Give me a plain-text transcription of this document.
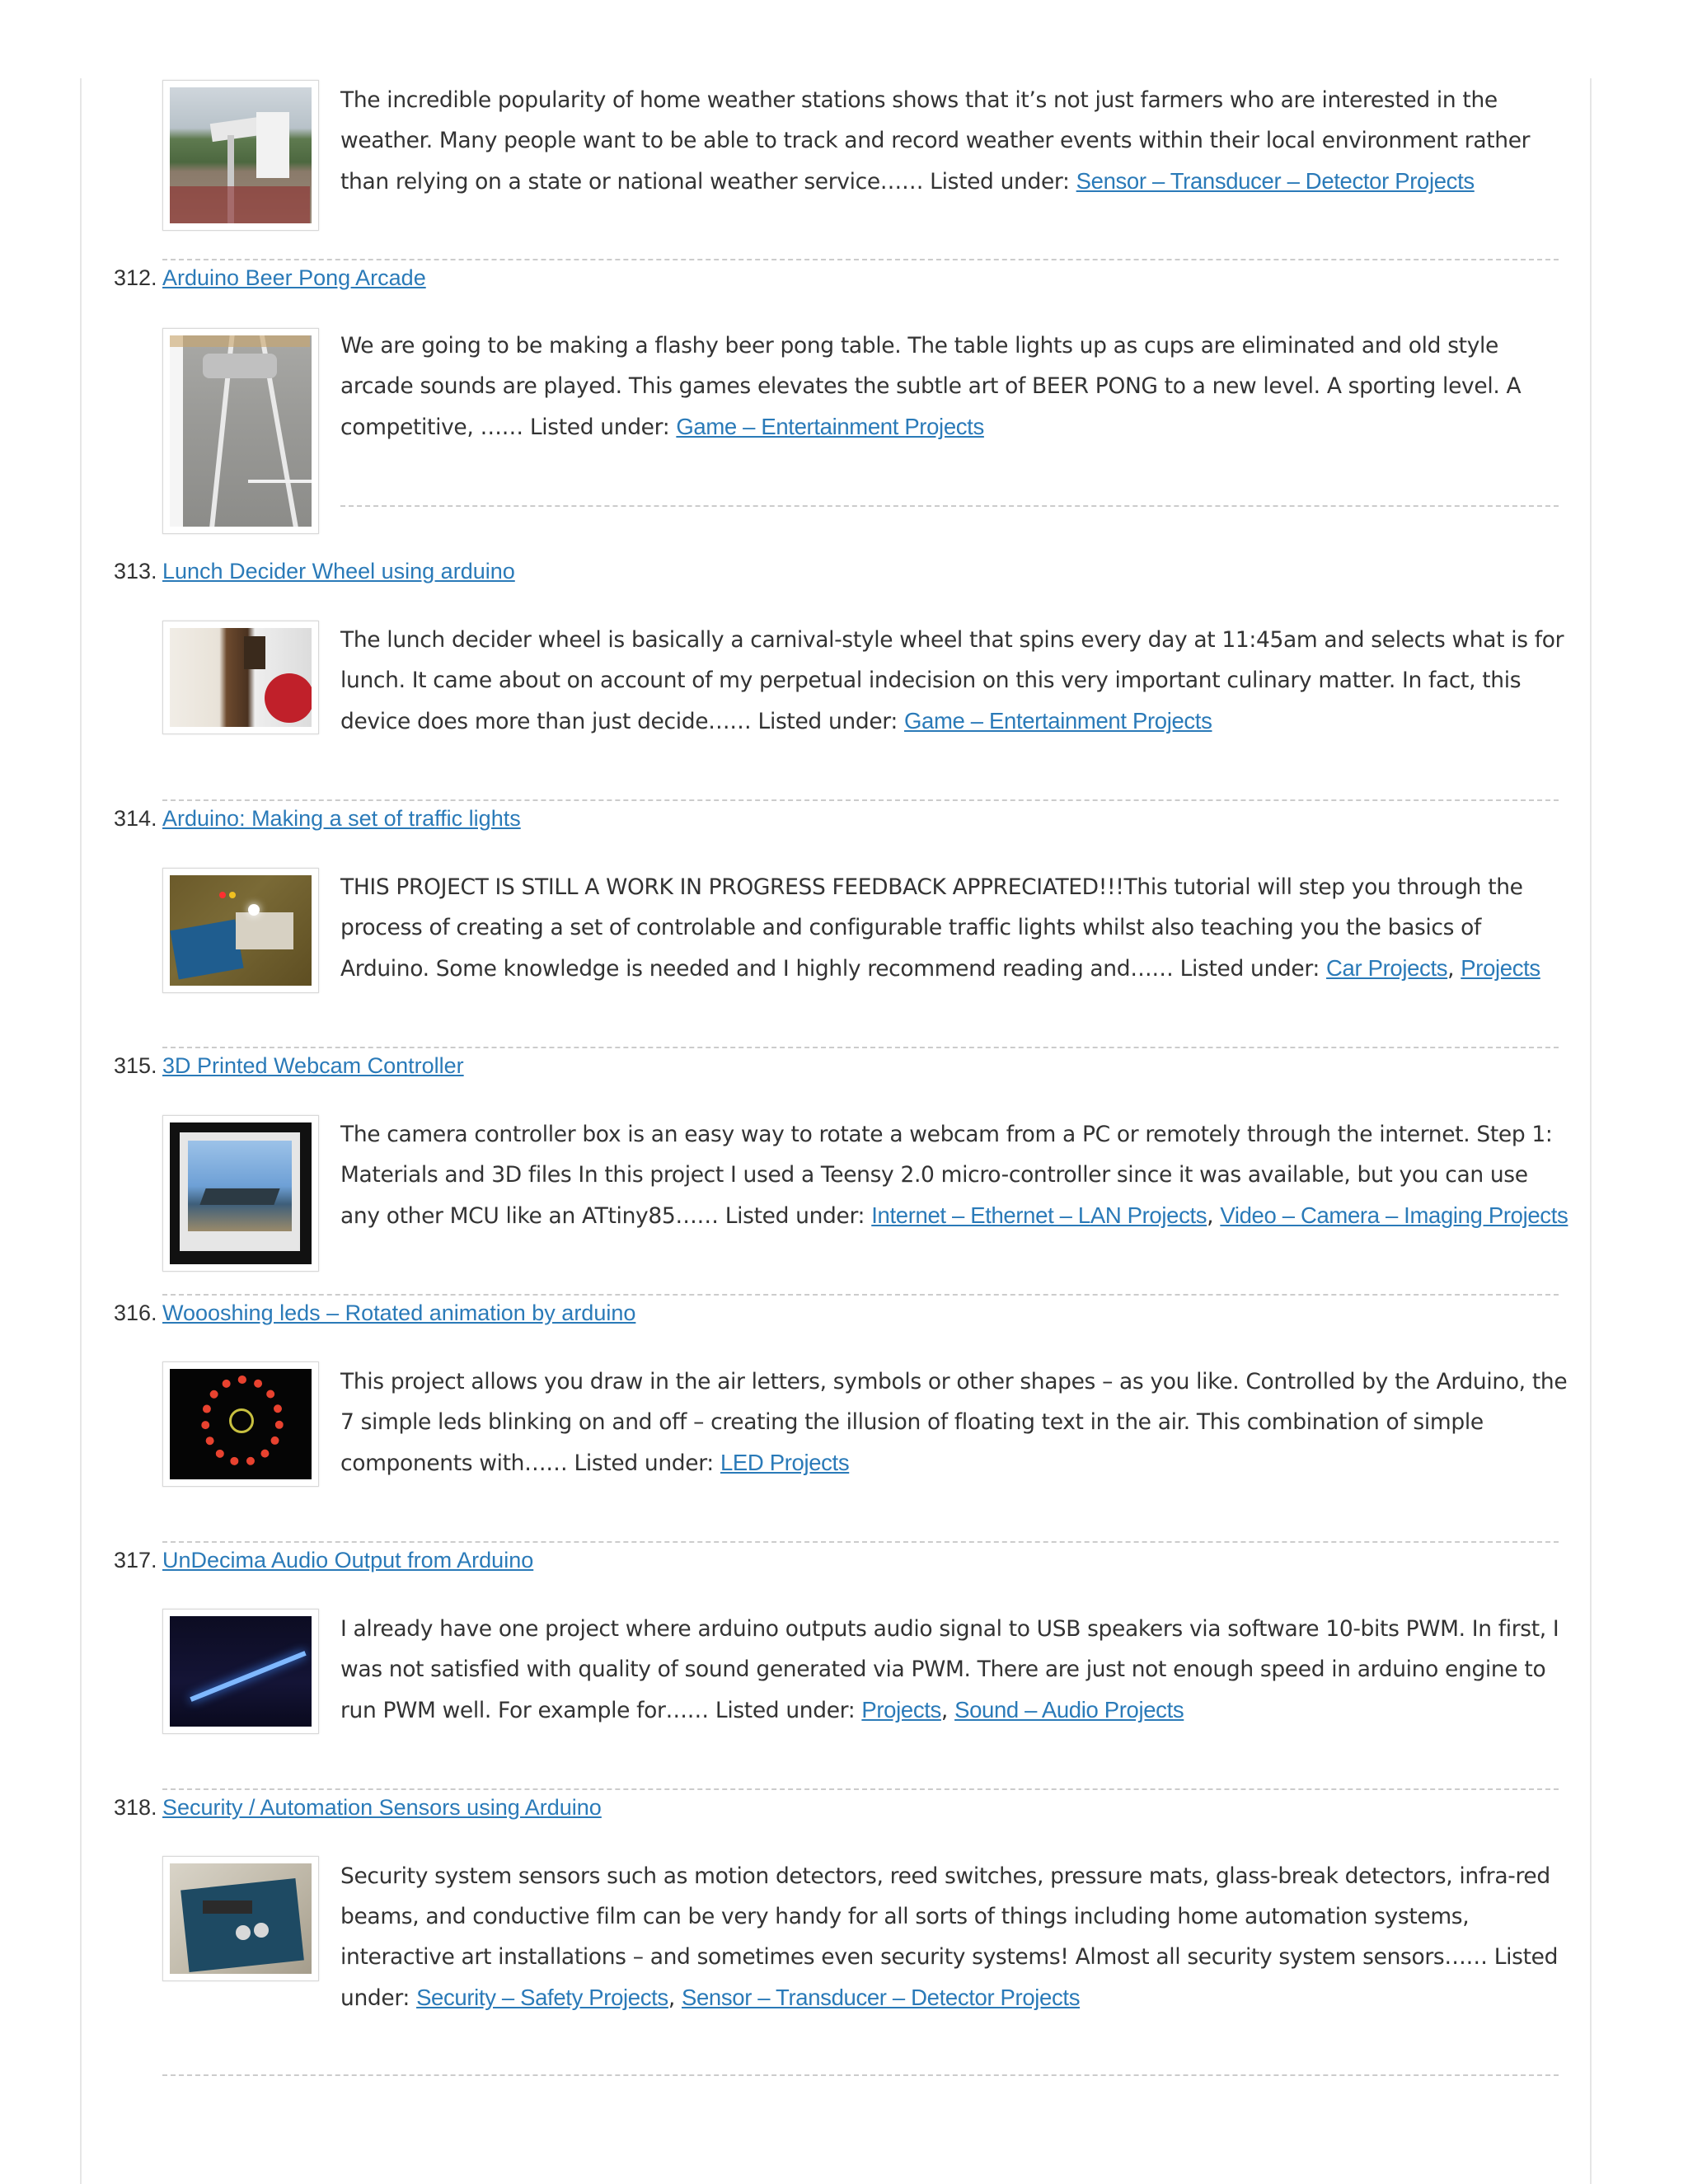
The incredible popularity of home weather stations shows that it’s not just farmers who are interested in the weather. Many people want to be able to track and record weather events within their local environment rather than relying on a state or national weather service…… Listed under: Sensor – Transducer – Detector Projects
312. Arduino Beer Pong Arcade
We are going to be making a flashy beer pong table. The table lights up as cups are eliminated and old style arcade sounds are played. This games elevates the subtle art of BEER PONG to a new level. A sporting level. A competitive, …… Listed under: Game – Entertainment Projects
313. Lunch Decider Wheel using arduino
The lunch decider wheel is basically a carnival-style wheel that spins every day at 11:45am and selects what is for lunch. It came about on account of my perpetual indecision on this very important culinary matter. In fact, this device does more than just decide…… Listed under: Game – Entertainment Projects
314. Arduino: Making a set of traffic lights
THIS PROJECT IS STILL A WORK IN PROGRESS FEEDBACK APPRECIATED!!!This tutorial will step you through the process of creating a set of controlable and configurable traffic lights whilst also teaching you the basics of Arduino. Some knowledge is needed and I highly recommend reading and…… Listed under: Car Projects, Projects
315. 3D Printed Webcam Controller
The camera controller box is an easy way to rotate a webcam from a PC or remotely through the internet. Step 1: Materials and 3D files In this project I used a Teensy 2.0 micro-controller since it was available, but you can use any other MCU like an ATtiny85…… Listed under: Internet – Ethernet – LAN Projects, Video – Camera – Imaging Projects
316. Woooshing leds – Rotated animation by arduino
This project allows you draw in the air letters, symbols or other shapes – as you like. Controlled by the Arduino, the 7 simple leds blinking on and off – creating the illusion of floating text in the air. This combination of simple components with…… Listed under: LED Projects
317. UnDecima Audio Output from Arduino
I already have one project where arduino outputs audio signal to USB speakers via software 10-bits PWM. In first, I was not satisfied with quality of sound generated via PWM. There are just not enough speed in arduino engine to run PWM well. For example for…… Listed under: Projects, Sound – Audio Projects
318. Security / Automation Sensors using Arduino
Security system sensors such as motion detectors, reed switches, pressure mats, glass-break detectors, infra-red beams, and conductive film can be very handy for all sorts of things including home automation systems, interactive art installations – and sometimes even security systems! Almost all security system sensors…… Listed under: Security – Safety Projects, Sensor – Transducer – Detector Projects
